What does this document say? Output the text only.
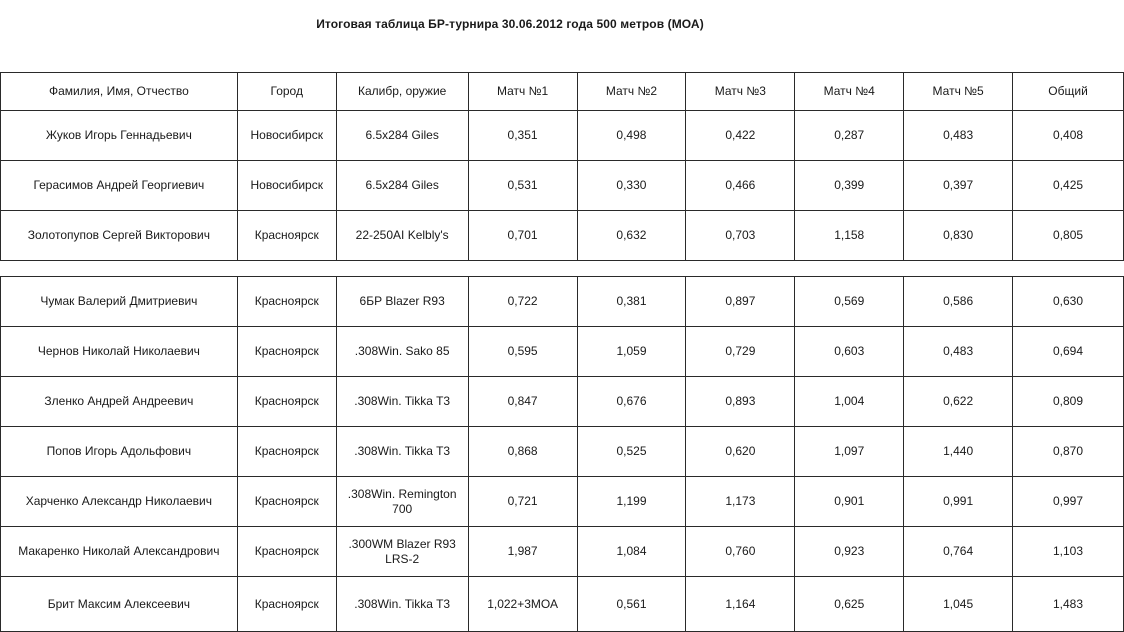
Итоговая таблица БР-турнира 30.06.2012 года 500 метров (МОА)
Фамилия, Имя, Отчество	Город	Калибр, оружие	Матч №1	Матч №2	Матч №3	Матч №4	Матч №5	Общий
Жуков Игорь Геннадьевич	Новосибирск	6.5x284 Giles	0,351	0,498	0,422	0,287	0,483	0,408
Герасимов Андрей Георгиевич	Новосибирск	6.5x284 Giles	0,531	0,330	0,466	0,399	0,397	0,425
Золотопупов Сергей Викторович	Красноярск	22-250AI Kelbly's	0,701	0,632	0,703	1,158	0,830	0,805
Чумак Валерий Дмитриевич	Красноярск	6БР Blazer R93	0,722	0,381	0,897	0,569	0,586	0,630
Чернов Николай Николаевич	Красноярск	.308Win. Sako 85	0,595	1,059	0,729	0,603	0,483	0,694
Зленко Андрей Андреевич	Красноярск	.308Win. Tikka T3	0,847	0,676	0,893	1,004	0,622	0,809
Попов Игорь Адольфович	Красноярск	.308Win. Tikka T3	0,868	0,525	0,620	1,097	1,440	0,870
Харченко Александр Николаевич	Красноярск	.308Win. Remington 700	0,721	1,199	1,173	0,901	0,991	0,997
Макаренко Николай Александрович	Красноярск	.300WM Blazer R93 LRS-2	1,987	1,084	0,760	0,923	0,764	1,103
Брит Максим Алексеевич	Красноярск	.308Win. Tikka T3	1,022+3МОА	0,561	1,164	0,625	1,045	1,483
